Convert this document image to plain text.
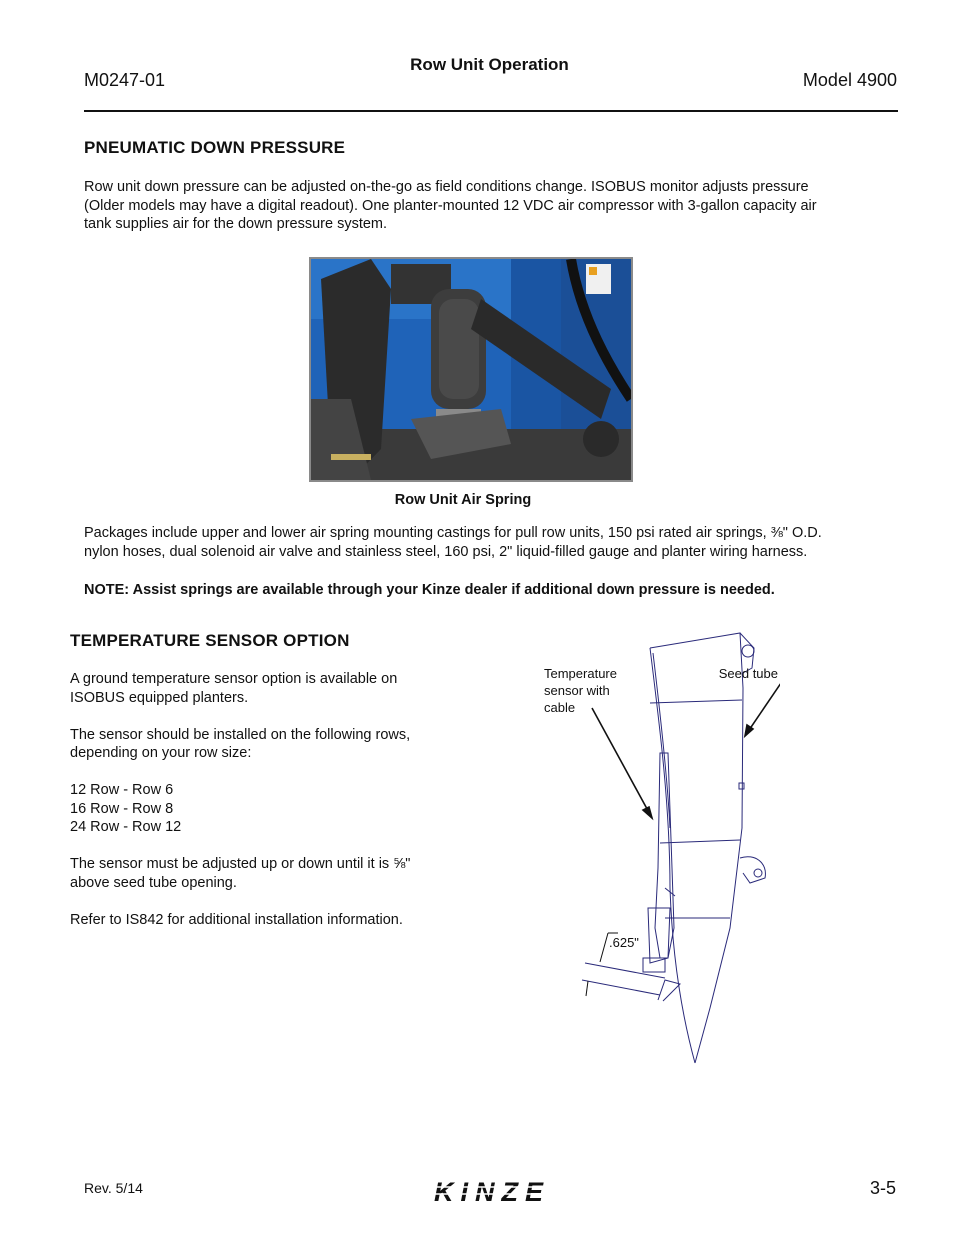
M0247-01
Row Unit Operation
Model 4900
PNEUMATIC DOWN PRESSURE
Row unit down pressure can be adjusted on-the-go as field conditions change. ISOBUS monitor adjusts pressure
(Older models may have a digital readout). One planter-mounted 12 VDC air compressor with 3-gallon capacity air
tank supplies air for the down pressure system.
Row Unit Air Spring
Packages include upper and lower air spring mounting castings for pull row units, 150 psi rated air springs, ⅜" O.D.
nylon hoses, dual solenoid air valve and stainless steel, 160 psi, 2" liquid-filled gauge and planter wiring harness.
NOTE: Assist springs are available through your Kinze dealer if additional down pressure is needed.
TEMPERATURE SENSOR OPTION
A ground temperature sensor option is available on
ISOBUS equipped planters.
The sensor should be installed on the following rows,
depending on your row size:
12 Row - Row 6
16 Row - Row 8
24 Row - Row 12
The sensor must be adjusted up or down until it is ⅝"
above seed tube opening.
Refer to IS842 for additional installation information.
Temperature
sensor with
cable
Seed tube
.625"
Rev. 5/14	KINZE	3-5
